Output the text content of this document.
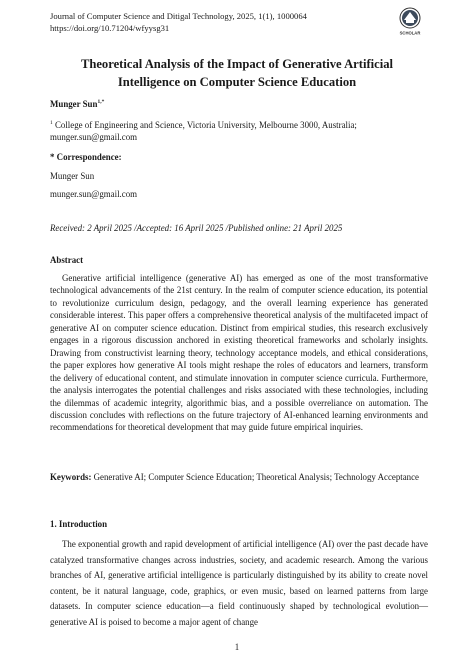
Journal of Computer Science and Ditigal Technology, 2025, 1(1), 1000064
https://doi.org/10.71204/wfyysg31
SCHOLAR
Theoretical Analysis of the Impact of Generative Artificial
Intelligence on Computer Science Education
Munger Sun$^{1,*}$
$^1$ College of Engineering and Science, Victoria University, Melbourne 3000, Australia;
munger.sun@gmail.com
* Correspondence:
Munger Sun
munger.sun@gmail.com
Received: 2 April 2025 /Accepted: 16 April 2025 /Published online: 21 April 2025
Abstract
Generative artificial intelligence (generative AI) has emerged as one of the most transformative technological advancements of the 21st century. In the realm of computer science education, its potential to revolutionize curriculum design, pedagogy, and the overall learning experience has generated considerable interest. This paper offers a comprehensive theoretical analysis of the multifaceted impact of generative AI on computer science education. Distinct from empirical studies, this research exclusively engages in a rigorous discussion anchored in existing theoretical frameworks and scholarly insights. Drawing from constructivist learning theory, technology acceptance models, and ethical considerations, the paper explores how generative AI tools might reshape the roles of educators and learners, transform the delivery of educational content, and stimulate innovation in computer science curricula. Furthermore, the analysis interrogates the potential challenges and risks associated with these technologies, including the dilemmas of academic integrity, algorithmic bias, and a possible overreliance on automation. The discussion concludes with reflections on the future trajectory of AI-enhanced learning environments and recommendations for theoretical development that may guide future empirical inquiries.
Keywords: Generative AI; Computer Science Education; Theoretical Analysis; Technology Acceptance
1. Introduction
The exponential growth and rapid development of artificial intelligence (AI) over the past decade have catalyzed transformative changes across industries, society, and academic research. Among the various branches of AI, generative artificial intelligence is particularly distinguished by its ability to create novel content, be it natural language, code, graphics, or even music, based on learned patterns from large datasets. In computer science education—a field continuously shaped by technological evolution—generative AI is poised to become a major agent of change
1
